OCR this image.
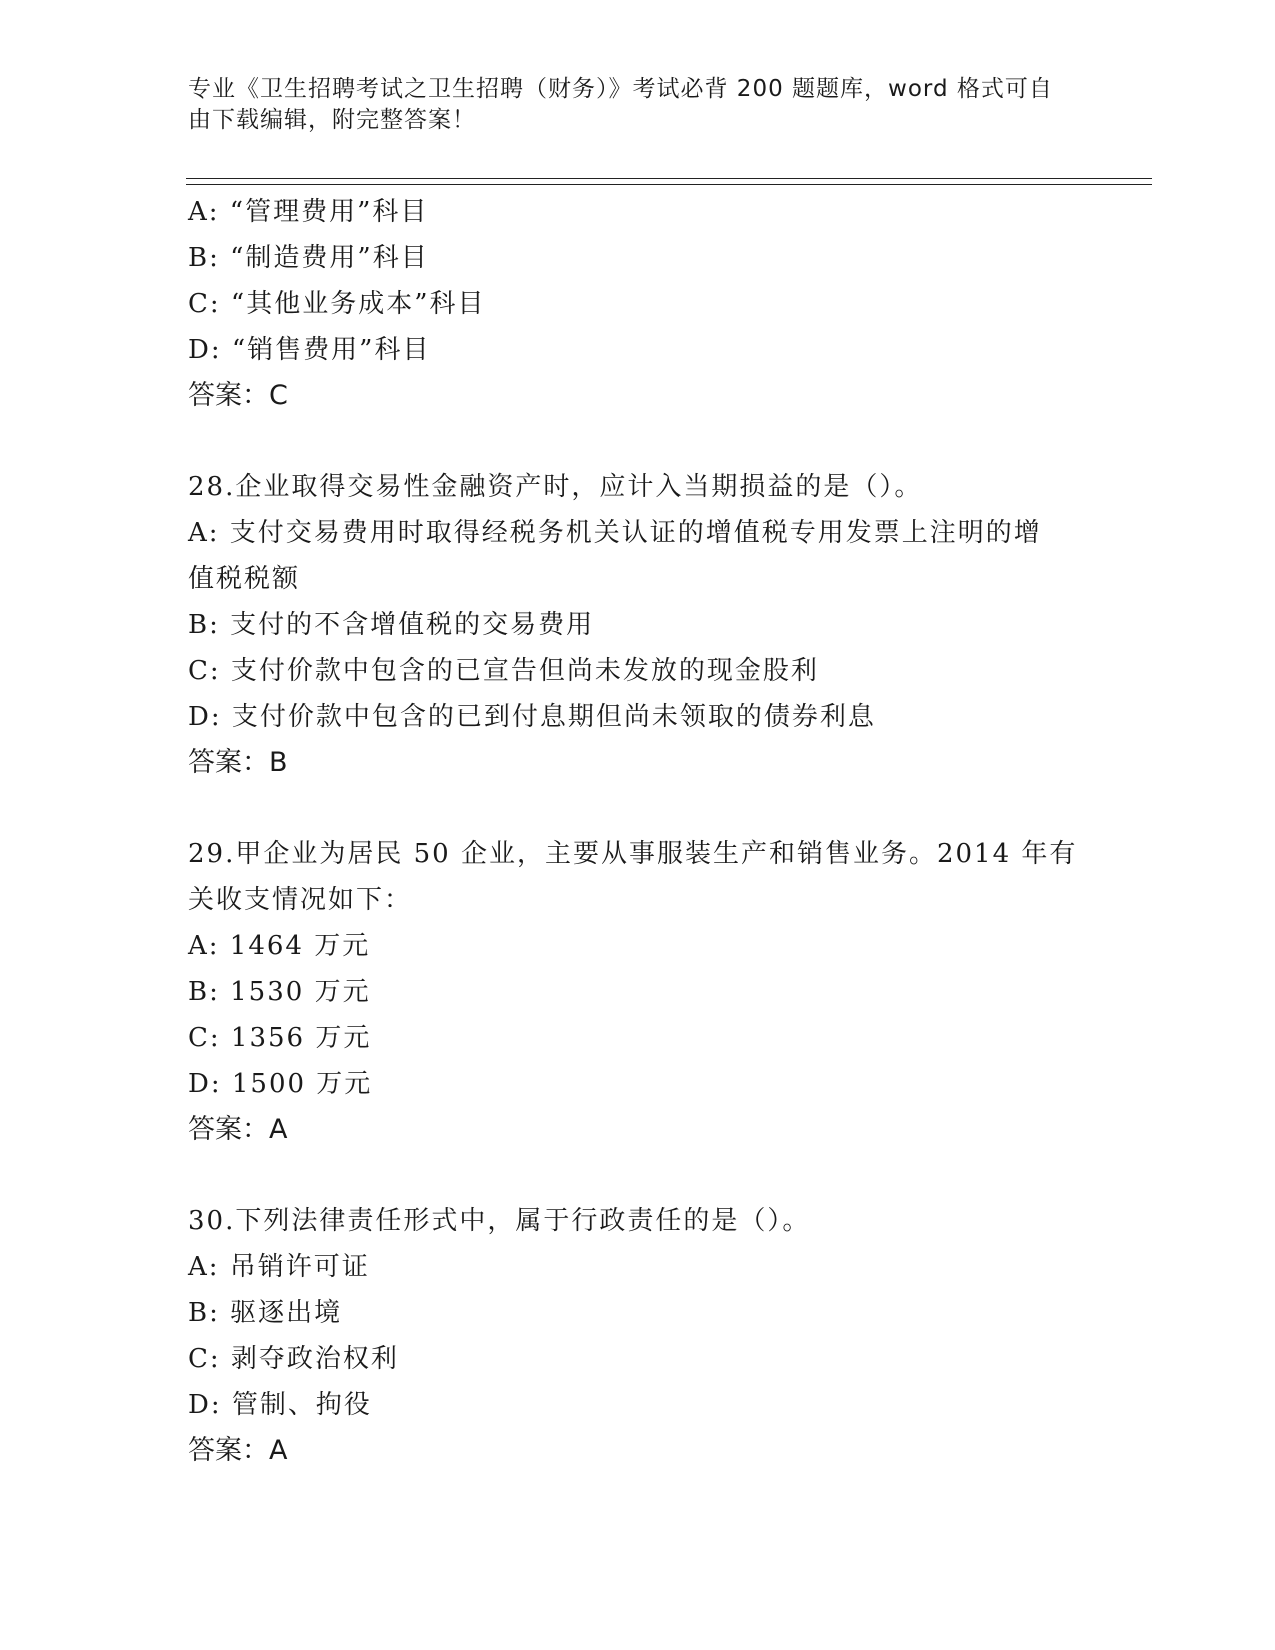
专业《卫生招聘考试之卫生招聘（财务）》考试必背 200 题题库，word 格式可自
由下载编辑，附完整答案！
A: “管理费用”科目
B: “制造费用”科目
C: “其他业务成本”科目
D: “销售费用”科目
答案：C
28.企业取得交易性金融资产时，应计入当期损益的是（）。
A: 支付交易费用时取得经税务机关认证的增值税专用发票上注明的增
值税税额
B: 支付的不含增值税的交易费用
C: 支付价款中包含的已宣告但尚未发放的现金股利
D: 支付价款中包含的已到付息期但尚未领取的债券利息
答案：B
29.甲企业为居民 50 企业，主要从事服装生产和销售业务。2014 年有
关收支情况如下：
A: 1464 万元
B: 1530 万元
C: 1356 万元
D: 1500 万元
答案：A
30.下列法律责任形式中，属于行政责任的是（）。
A: 吊销许可证
B: 驱逐出境
C: 剥夺政治权利
D: 管制、拘役
答案：A
